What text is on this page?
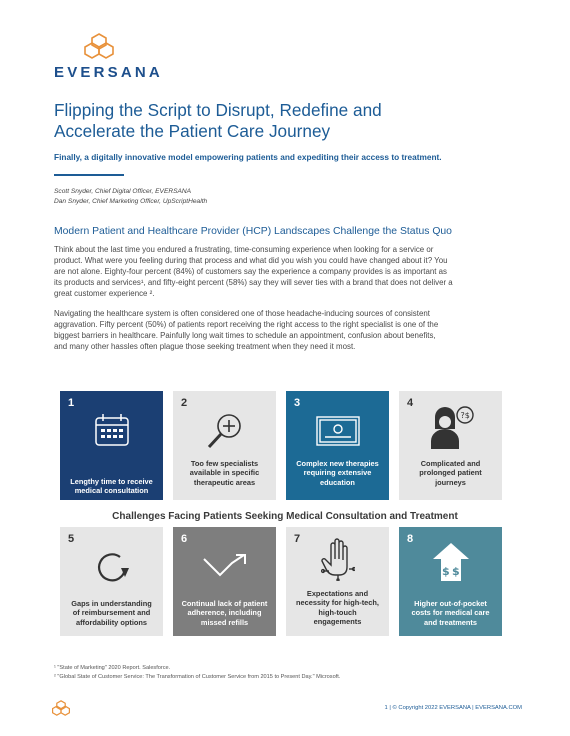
EVERSANA
Flipping the Script to Disrupt, Redefine and
Accelerate the Patient Care Journey
Finally, a digitally innovative model empowering patients and expediting their access to treatment.
Scott Snyder, Chief Digital Officer, EVERSANA
Dan Snyder, Chief Marketing Officer, UpScriptHealth
Modern Patient and Healthcare Provider (HCP) Landscapes Challenge the Status Quo
Think about the last time you endured a frustrating, time-consuming experience when looking for a service or
product. What were you feeling during that process and what did you wish you could have changed about it? You
are not alone. Eighty-four percent (84%) of customers say the experience a company provides is as important as
its products and services¹, and fifty-eight percent (58%) say they will sever ties with a brand that does not deliver a
great customer experience ².
Navigating the healthcare system is often considered one of those headache-inducing sources of consistent
aggravation. Fifty percent (50%) of patients report receiving the right access to the right specialist is one of the
biggest barriers in healthcare. Painfully long wait times to schedule an appointment, confusion about benefits,
and many other hassles often plague those seeking treatment when they need it most.
1
Lengthy time to receive
medical consultation
2
Too few specialists
available in specific
therapeutic areas
3
Complex new therapies
requiring extensive
education
4
?$
Complicated and
prolonged patient
journeys
Challenges Facing Patients Seeking Medical Consultation and Treatment
5
Gaps in understanding
of reimbursement and
affordability options
6
Continual lack of patient
adherence, including
missed refills
7
Expectations and
necessity for high-tech,
high-touch
engagements
8
$ $
Higher out-of-pocket
costs for medical care
and treatments
¹ "State of Marketing" 2020 Report. Salesforce.
² "Global State of Customer Service: The Transformation of Customer Service from 2015 to Present Day." Microsoft.
1 | © Copyright 2022 EVERSANA | EVERSANA.COM
